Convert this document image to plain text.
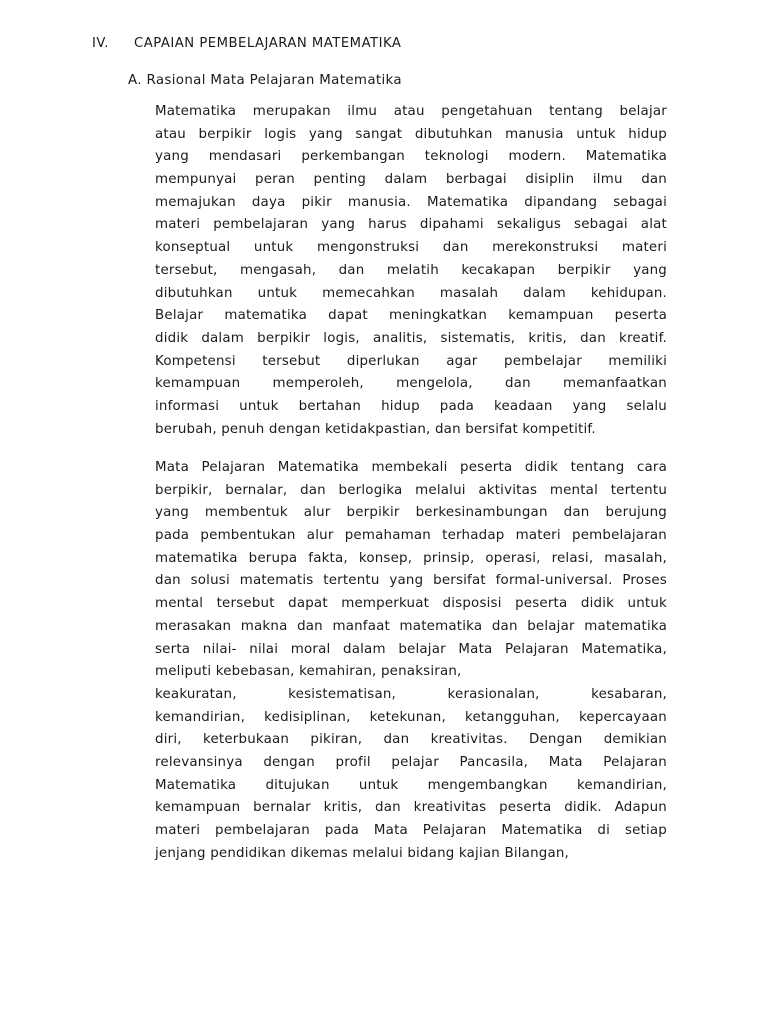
IV. CAPAIAN PEMBELAJARAN MATEMATIKA
A. Rasional Mata Pelajaran Matematika
Matematika merupakan ilmu atau pengetahuan tentang belajar
atau berpikir logis yang sangat dibutuhkan manusia untuk hidup
yang mendasari perkembangan teknologi modern. Matematika
mempunyai peran penting dalam berbagai disiplin ilmu dan
memajukan daya pikir manusia. Matematika dipandang sebagai
materi pembelajaran yang harus dipahami sekaligus sebagai alat
konseptual untuk mengonstruksi dan merekonstruksi materi
tersebut, mengasah, dan melatih kecakapan berpikir yang
dibutuhkan untuk memecahkan masalah dalam kehidupan.
Belajar matematika dapat meningkatkan kemampuan peserta
didik dalam berpikir logis, analitis, sistematis, kritis, dan kreatif.
Kompetensi tersebut diperlukan agar pembelajar memiliki
kemampuan memperoleh, mengelola, dan memanfaatkan
informasi untuk bertahan hidup pada keadaan yang selalu
berubah, penuh dengan ketidakpastian, dan bersifat kompetitif.
Mata Pelajaran Matematika membekali peserta didik tentang cara
berpikir, bernalar, dan berlogika melalui aktivitas mental tertentu
yang membentuk alur berpikir berkesinambungan dan berujung
pada pembentukan alur pemahaman terhadap materi pembelajaran
matematika berupa fakta, konsep, prinsip, operasi, relasi, masalah,
dan solusi matematis tertentu yang bersifat formal-universal. Proses
mental tersebut dapat memperkuat disposisi peserta didik untuk
merasakan makna dan manfaat matematika dan belajar matematika
serta nilai- nilai moral dalam belajar Mata Pelajaran Matematika,
meliputi kebebasan, kemahiran, penaksiran,
keakuratan, kesistematisan, kerasionalan, kesabaran,
kemandirian, kedisiplinan, ketekunan, ketangguhan, kepercayaan
diri, keterbukaan pikiran, dan kreativitas. Dengan demikian
relevansinya dengan profil pelajar Pancasila, Mata Pelajaran
Matematika ditujukan untuk mengembangkan kemandirian,
kemampuan bernalar kritis, dan kreativitas peserta didik. Adapun
materi pembelajaran pada Mata Pelajaran Matematika di setiap
jenjang pendidikan dikemas melalui bidang kajian Bilangan,
